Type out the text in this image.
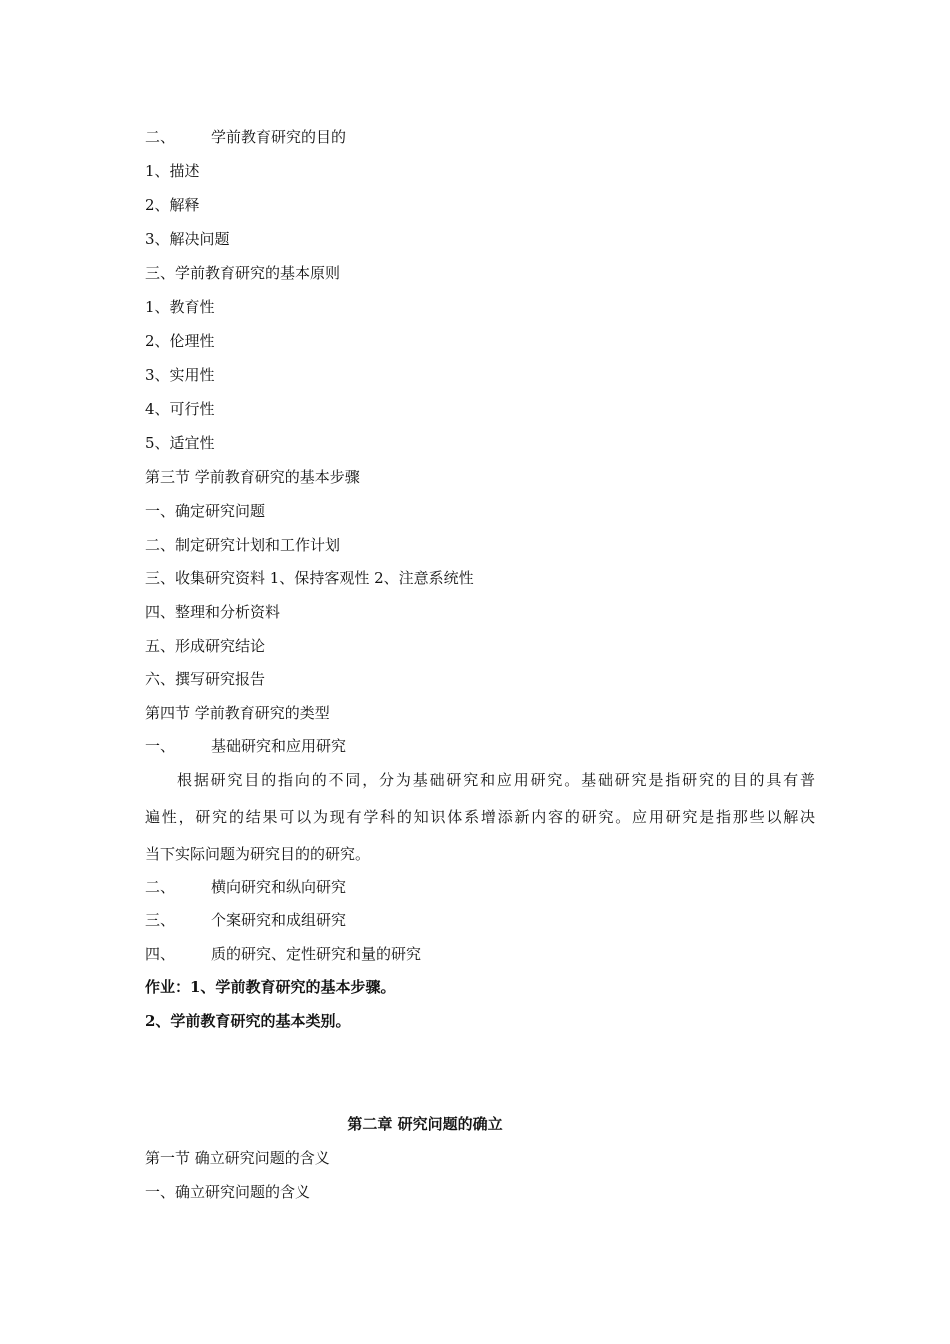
二、 学前教育研究的目的
1、描述
2、解释
3、解决问题
三、学前教育研究的基本原则
1、教育性
2、伦理性
3、实用性
4、可行性
5、适宜性
第三节 学前教育研究的基本步骤
一、确定研究问题
二、制定研究计划和工作计划
三、收集研究资料 1、保持客观性 2、注意系统性
四、整理和分析资料
五、形成研究结论
六、撰写研究报告
第四节 学前教育研究的类型
一、 基础研究和应用研究
根据研究目的指向的不同，分为基础研究和应用研究。基础研究是指研究的目的具有普
遍性，研究的结果可以为现有学科的知识体系增添新内容的研究。应用研究是指那些以解决
当下实际问题为研究目的的研究。
二、 横向研究和纵向研究
三、 个案研究和成组研究
四、 质的研究、定性研究和量的研究
作业：1、学前教育研究的基本步骤。
2、学前教育研究的基本类别。
第二章 研究问题的确立
第一节 确立研究问题的含义
一、确立研究问题的含义
